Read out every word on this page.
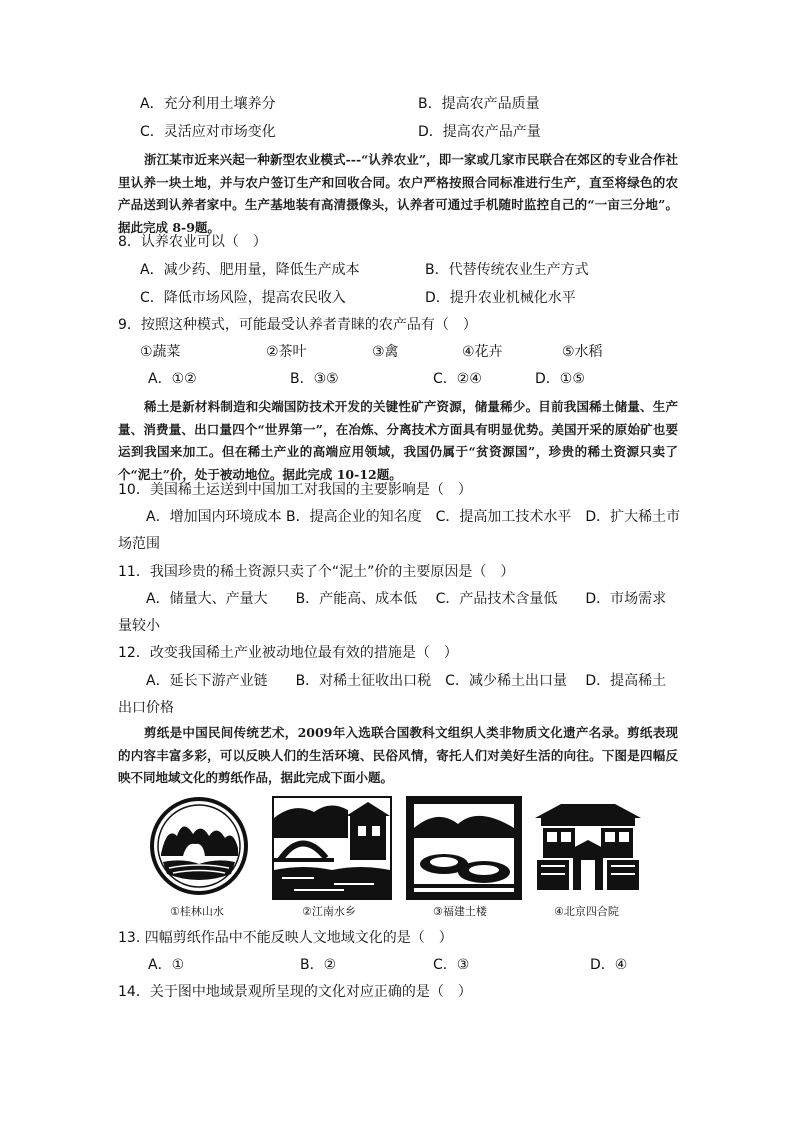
A．充分利用土壤养分	B．提高农产品质量
C．灵活应对市场变化	D．提高农产品产量

浙江某市近来兴起一种新型农业模式---“认养农业”，即一家或几家市民联合在郊区的专业合作社里认养一块土地，并与农户签订生产和回收合同。农户严格按照合同标准进行生产，直至将绿色的农产品送到认养者家中。生产基地装有高清摄像头，认养者可通过手机随时监控自己的“一亩三分地”。据此完成 8-9题。

8．认养农业可以（　）
A．减少药、肥用量，降低生产成本	B．代替传统农业生产方式
C．降低市场风险，提高农民收入	D．提升农业机械化水平
9．按照这种模式，可能最受认养者青睐的农产品有（　）
①蔬菜	②茶叶	③禽	④花卉	⑤水稻
A．①②	B．③⑤	C．②④	D．①⑤

稀土是新材料制造和尖端国防技术开发的关键性矿产资源，储量稀少。目前我国稀土储量、生产量、消费量、出口量四个“世界第一”，在冶炼、分离技术方面具有明显优势。美国开采的原始矿也要运到我国来加工。但在稀土产业的高端应用领域，我国仍属于“贫资源国”，珍贵的稀土资源只卖了个“泥土”价，处于被动地位。据此完成 10-12题。

10．美国稀土运送到中国加工对我国的主要影响是（　）
A．增加国内环境成本 B．提高企业的知名度　C．提高加工技术水平　D．扩大稀土市
场范围
11．我国珍贵的稀土资源只卖了个“泥土”价的主要原因是（　）
A．储量大、产量大　　B．产能高、成本低　 C．产品技术含量低　　D．市场需求
量较小
12．改变我国稀土产业被动地位最有效的措施是（　）
A．延长下游产业链　　B．对稀土征收出口税　C．减少稀土出口量　 D．提高稀土
出口价格

剪纸是中国民间传统艺术，2009年入选联合国教科文组织人类非物质文化遗产名录。剪纸表现的内容丰富多彩，可以反映人们的生活环境、民俗风情，寄托人们对美好生活的向往。下图是四幅反映不同地域文化的剪纸作品，据此完成下面小题。

①桂林山水	②江南水乡	③福建土楼	④北京四合院
13. 四幅剪纸作品中不能反映人文地域文化的是（　）
A．①	B．②	C．③	D．④
14．关于图中地域景观所呈现的文化对应正确的是（　）
